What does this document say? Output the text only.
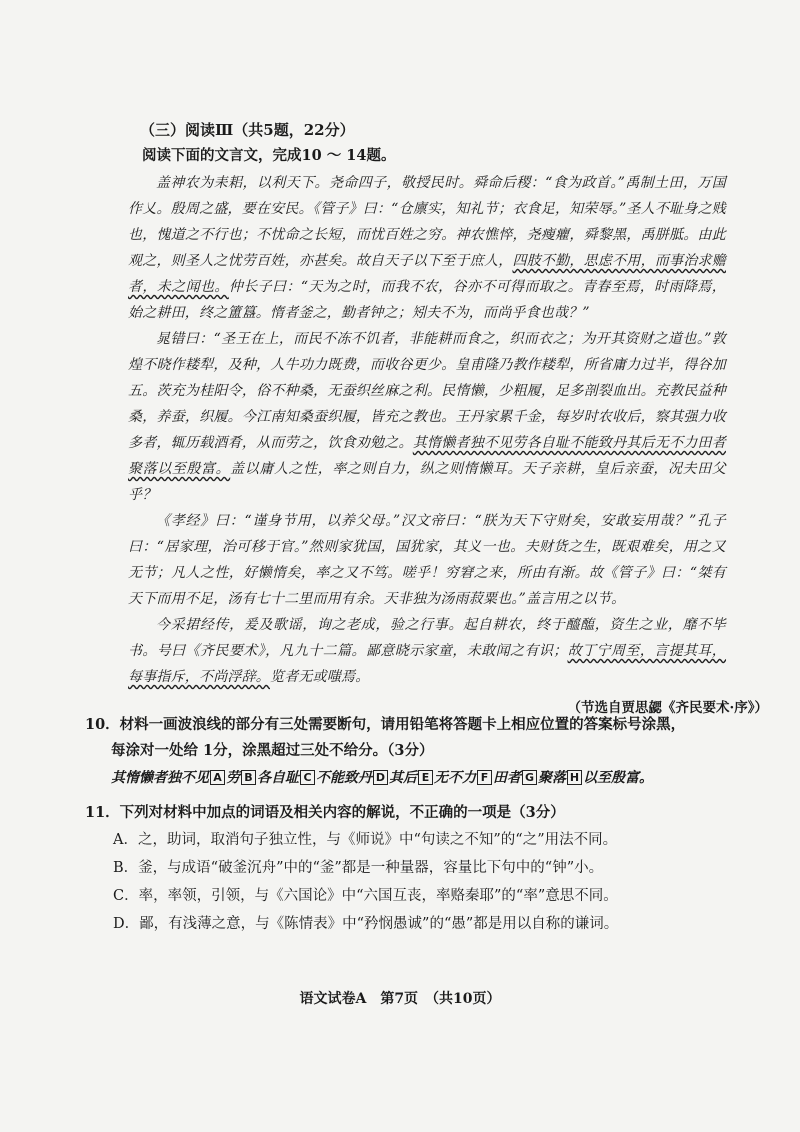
（三）阅读Ⅲ（共5题，22分）
阅读下面的文言文，完成10 ～ 14题。

盖神农为耒耜，以利天下。尧命四子，敬授民时。舜命后稷：“食为政首。”禹制土田，万国作乂。殷周之盛，要在安民。《管子》曰：“仓廪实，知礼节；衣食足，知荣辱。”圣人不耻身之贱也，愧道之不行也；不忧命之长短，而忧百姓之穷。神农憔悴，尧瘦癯，舜黎黑，禹胼胝。由此观之，则圣人之忧劳百姓，亦甚矣。故自天子以下至于庶人，四肢不勤，思虑不用，而事治求赡者，未之闻也。仲长子曰：“天为之时，而我不农，谷亦不可得而取之。青春至焉，时雨降焉，始之耕田，终之簠簋。惰者釜之，勤者钟之；矧夫不为，而尚乎食也哉？”

晁错曰：“圣王在上，而民不冻不饥者，非能耕而食之，织而衣之；为开其资财之道也。”敦煌不晓作耧犁，及种，人牛功力既费，而收谷更少。皇甫隆乃教作耧犁，所省庸力过半，得谷加五。茨充为桂阳令，俗不种桑，无蚕织丝麻之利。民惰懒，少粗履，足多剖裂血出。充教民益种桑，养蚕，织履。今江南知桑蚕织履，皆充之教也。王丹家累千金，每岁时农收后，察其强力收多者，辄历载酒肴，从而劳之，饮食劝勉之。其惰懒者独不见劳各自耻不能致丹其后无不力田者聚落以至殷富。盖以庸人之性，率之则自力，纵之则惰懒耳。天子亲耕，皇后亲蚕，况夫田父乎？

《孝经》曰：“谨身节用，以养父母。”汉文帝曰：“朕为天下守财矣，安敢妄用哉？”孔子曰：“居家理，治可移于官。”然则家犹国，国犹家，其义一也。夫财货之生，既艰难矣，用之又无节；凡人之性，好懒惰矣，率之又不笃。嗟乎！穷窘之来，所由有渐。故《管子》曰：“桀有天下而用不足，汤有七十二里而用有余。天非独为汤雨菽粟也。”盖言用之以节。

今采捃经传，爰及歌谣，询之老成，验之行事。起自耕农，终于醯醢，资生之业，靡不毕书。号曰《齐民要术》，凡九十二篇。鄙意晓示家童，未敢闻之有识；故丁宁周至，言提其耳，每事指斥，不尚浮辞。览者无或嗤焉。

（节选自贾思勰《齐民要术·序》）

10．材料一画波浪线的部分有三处需要断句，请用铅笔将答题卡上相应位置的答案标号涂黑，

每涂对一处给 1分，涂黑超过三处不给分。（3分）

其惰懒者独不见 A 劳 B 各自耻 C 不能致丹 D 其后 E 无不力 F 田者 G 聚落 H 以至殷富。

11．下列对材料中加点的词语及相关内容的解说，不正确的一项是（3分）

A．之，助词，取消句子独立性，与《师说》中“句读之不知”的“之”用法不同。

B．釜，与成语“破釜沉舟”中的“釜”都是一种量器，容量比下句中的“钟”小。

C．率，率领，引领，与《六国论》中“六国互丧，率赂秦耶”的“率”意思不同。

D．鄙，有浅薄之意，与《陈情表》中“矜悯愚诚”的“愚”都是用以自称的谦词。

语文试卷A　第7页　（共10页）
